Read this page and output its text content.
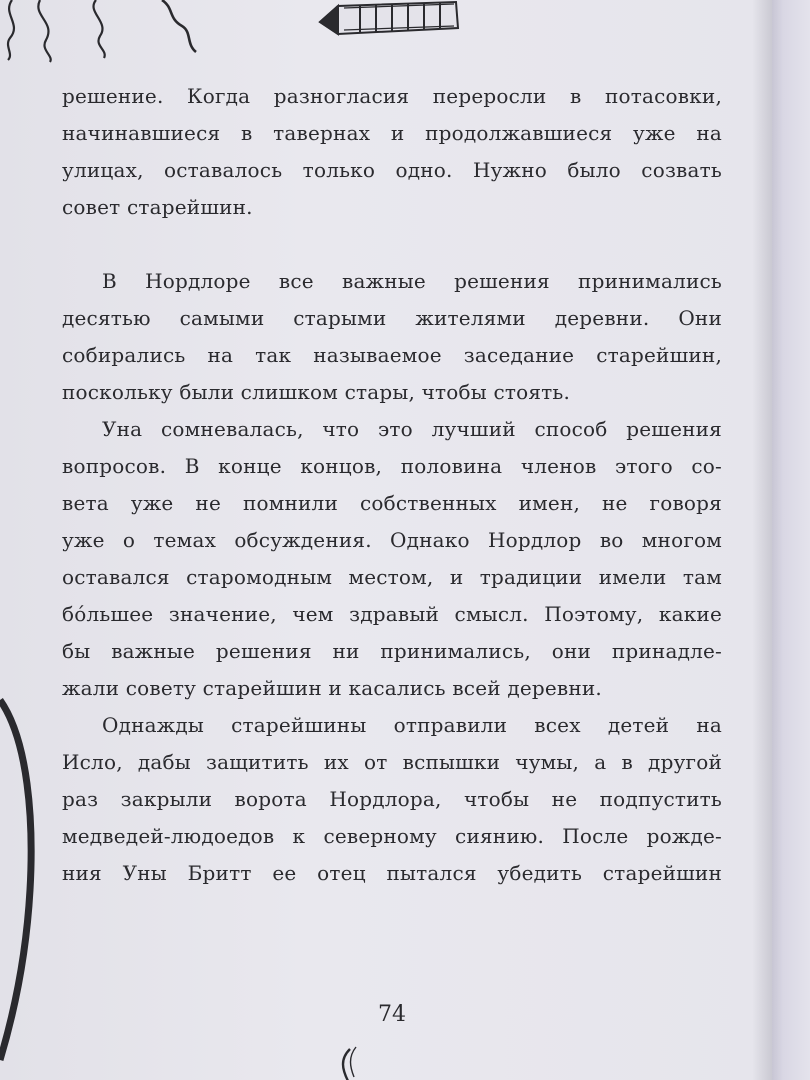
решение. Когда разногласия переросли в потасовки,
начинавшиеся в тавернах и продолжавшиеся уже на
улицах, оставалось только одно. Нужно было созвать
совет старейшин.
В Нордлоре все важные решения принимались
десятью самыми старыми жителями деревни. Они
собирались на так называемое заседание старейшин,
поскольку были слишком стары, чтобы стоять.
Уна сомневалась, что это лучший способ решения
вопросов. В конце концов, половина членов этого со-
вета уже не помнили собственных имен, не говоря
уже о темах обсуждения. Однако Нордлор во многом
оставался старомодным местом, и традиции имели там
бóльшее значение, чем здравый смысл. Поэтому, какие
бы важные решения ни принимались, они принадле-
жали совету старейшин и касались всей деревни.
Однажды старейшины отправили всех детей на
Исло, дабы защитить их от вспышки чумы, а в другой
раз закрыли ворота Нордлора, чтобы не подпустить
медведей-людоедов к северному сиянию. После рожде-
ния Уны Бритт ее отец пытался убедить старейшин
74
